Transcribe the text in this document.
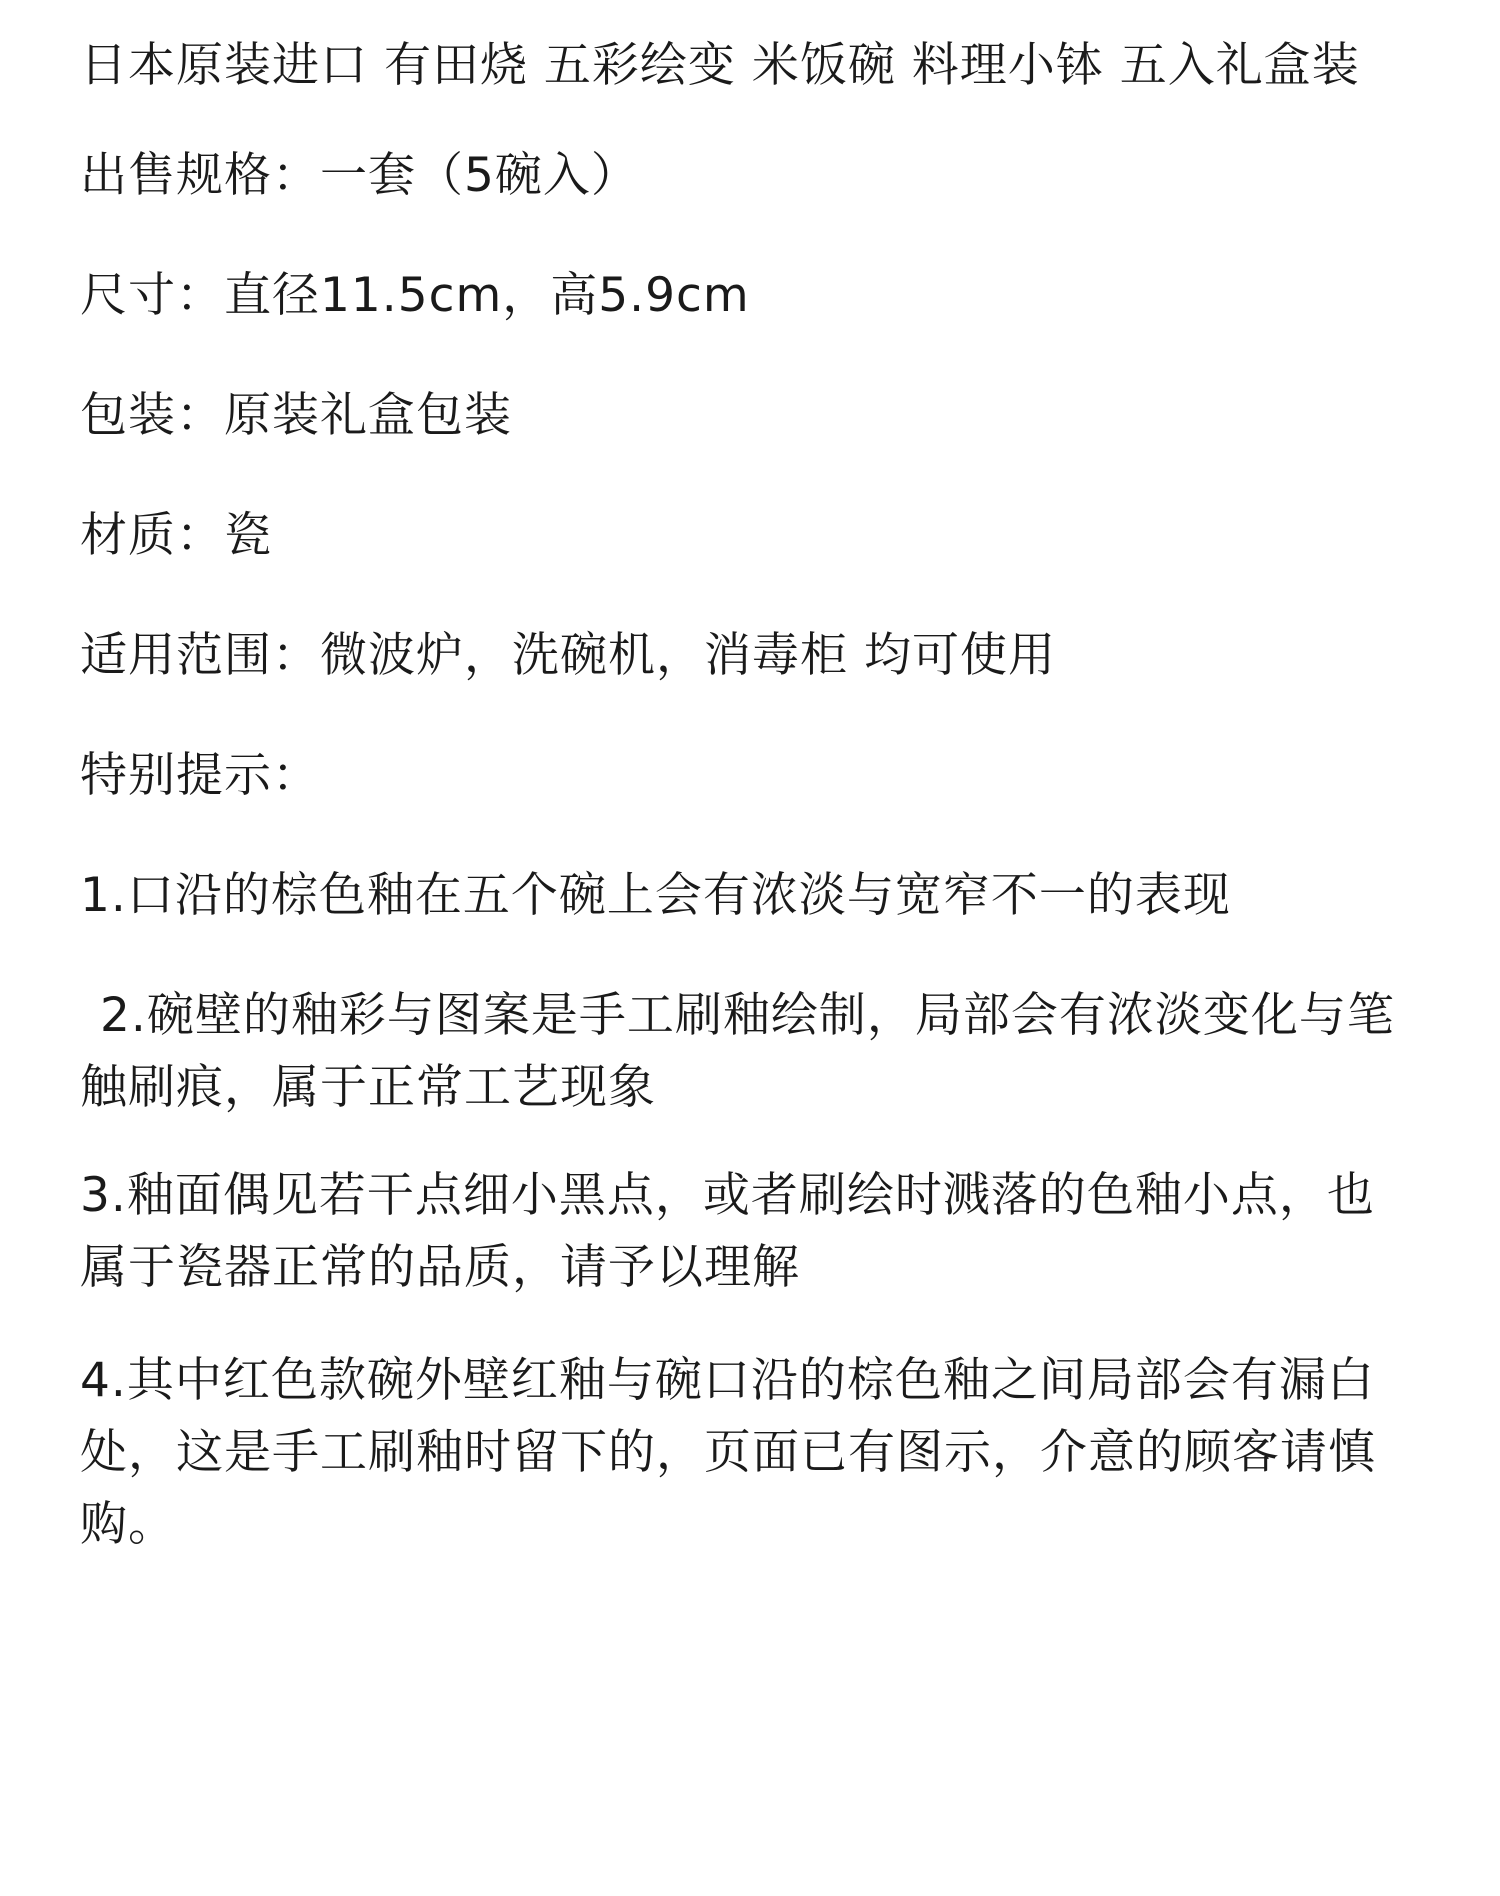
日本原装进口 有田烧 五彩绘变 米饭碗 料理小钵 五入礼盒装

出售规格：一套（5碗入）

尺寸：直径11.5cm，高5.9cm

包装：原装礼盒包装

材质：瓷

适用范围：微波炉，洗碗机，消毒柜 均可使用

特别提示：

1.口沿的棕色釉在五个碗上会有浓淡与宽窄不一的表现
2.碗壁的釉彩与图案是手工刷釉绘制，局部会有浓淡变化与笔
触刷痕，属于正常工艺现象
3.釉面偶见若干点细小黑点，或者刷绘时溅落的色釉小点，也
属于瓷器正常的品质，请予以理解
4.其中红色款碗外壁红釉与碗口沿的棕色釉之间局部会有漏白
处，这是手工刷釉时留下的，页面已有图示，介意的顾客请慎
购。
